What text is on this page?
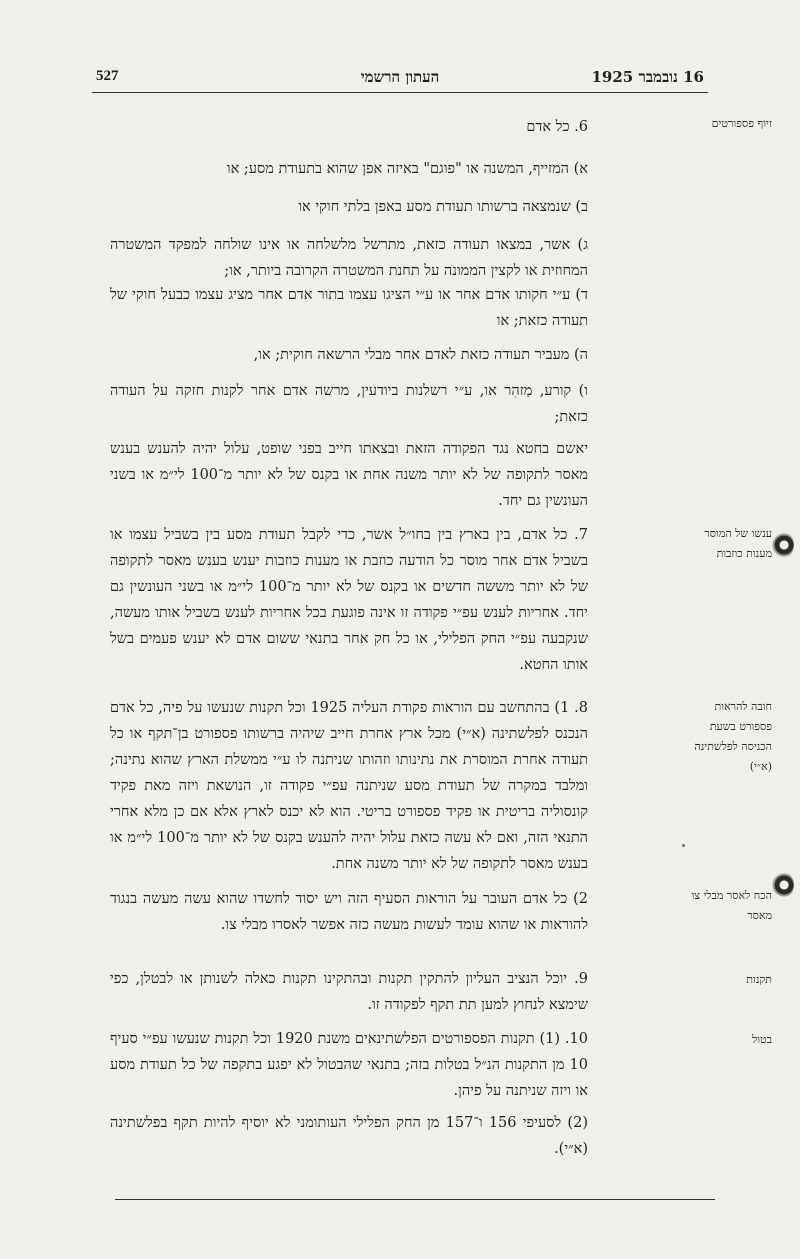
527	העתון הרשמי	16 נובמבר 1925
זיוף פספורטים
ענשו של המוסר מענות כוזבות
חובה להראות פספורט בשעת הכניסה לפלשתינה (א״י)
הכח לאסר מבלי צו מאסר
תקנות
בטול
6. כל אדם
א) המזייף, המשנה או "פוגם" באיזה אפן שהוא בתעודת מסע; או
ב) שנמצאה ברשותו תעודת מסע באפן בלתי חוקי או
ג) אשר, במצאו תעודה כזאת, מתרשל מלשלחה או אינו שולחה למפקד המשטרה המחוזית או לקצין הממונה על תחנת המשטרה הקרובה ביותר, או;
ד) ע״י חקותו אדם אחר או ע״י הציגו עצמו בתור אדם אחר מציג עצמו כבעל חוקי של תעודה כזאת; או
ה) מעביר תעודה כזאת לאדם אחר מבלי הרשאה חוקית; או,
ו) קורע, מַזהִר או, ע״י רשלנות ביודעין, מרשה אדם אחר לקנות חזקה על העודה כזאת;
יאשם בחטא נגד הפקודה הזאת ובצאתו חייב בפני שופט, עלול יהיה להענש בענש מאסר לתקופה של לא יותר משנה אחת או בקנס של לא יותר מ־100 לי״מ או בשני העונשין גם יחד.
7. כל אדם, בין בארץ בין בחו״ל אשר, כדי לקבל תעודת מסע בין בשביל עצמו או בשביל אדם אחר מוסר כל הודעה כוזבת או מענות כוזבות יענש בענש מאסר לתקופה של לא יותר מששה חדשים או בקנס של לא יותר מ־100 לי״מ או בשני העונשין גם יחד. אחריות לענש עפ״י פקודה זו אינה פוגעת בכל אחריות לענש בשביל אותו מעשה, שנקבעה עפ״י החק הפלילי, או כל חק אחר בתנאי ששום אדם לא יענש פעמים בשל אותו החטא.
8. 1) בהתחשב עם הוראות פקודת העליה 1925 וכל תקנות שנעשו על פיה, כל אדם הנכנס לפלשתינה (א״י) מכל ארץ אחרת חייב שיהיה ברשותו פספורט בן־תקף או כל תעודה אחרת המוסרת את נתינותו וזהותו שניתנה לו ע״י ממשלת הארץ שהוא נתינה; ומלבד במקרה של תעודת מסע שניתנה עפ״י פקודה זו, הנושאת ויזה מאת פקיד קונסוליה בריטית או פקיד פספורט בריטי. הוא לא יכנס לארץ אלא אם כן מלא אחרי התנאי הזה, ואם לא עשה כזאת עלול יהיה להענש בקנס של לא יותר מ־100 לי״מ או בענש מאסר לתקופה של לא יותר משנה אחת.
2) כל אדם העובר על הוראות הסעיף הזה ויש יסוד לחשדו שהוא עשה מעשה בנגוד להוראות או שהוא עומד לעשות מעשה כזה אפשר לאסרו מבלי צו.
9. יוכל הנציב העליון להתקין תקנות ובהתקינו תקנות כאלה לשנותן או לבטלן, כפי שימצא לנחוץ למען תת תקף לפקודה זו.
10. (1) תקנות הפספורטים הפלשתינאים משנת 1920 וכל תקנות שנעשו עפ״י סעיף 10 מן התקנות הנ״ל בטלות בזה; בתנאי שהבטול לא יפגע בתקפה של כל תעודת מסע או ויזה שניתנה על פיהן.
(2) לסעיפי 156 ו־157 מן החק הפלילי העותומני לא יוסיף להיות תקף בפלשתינה (א״י).
